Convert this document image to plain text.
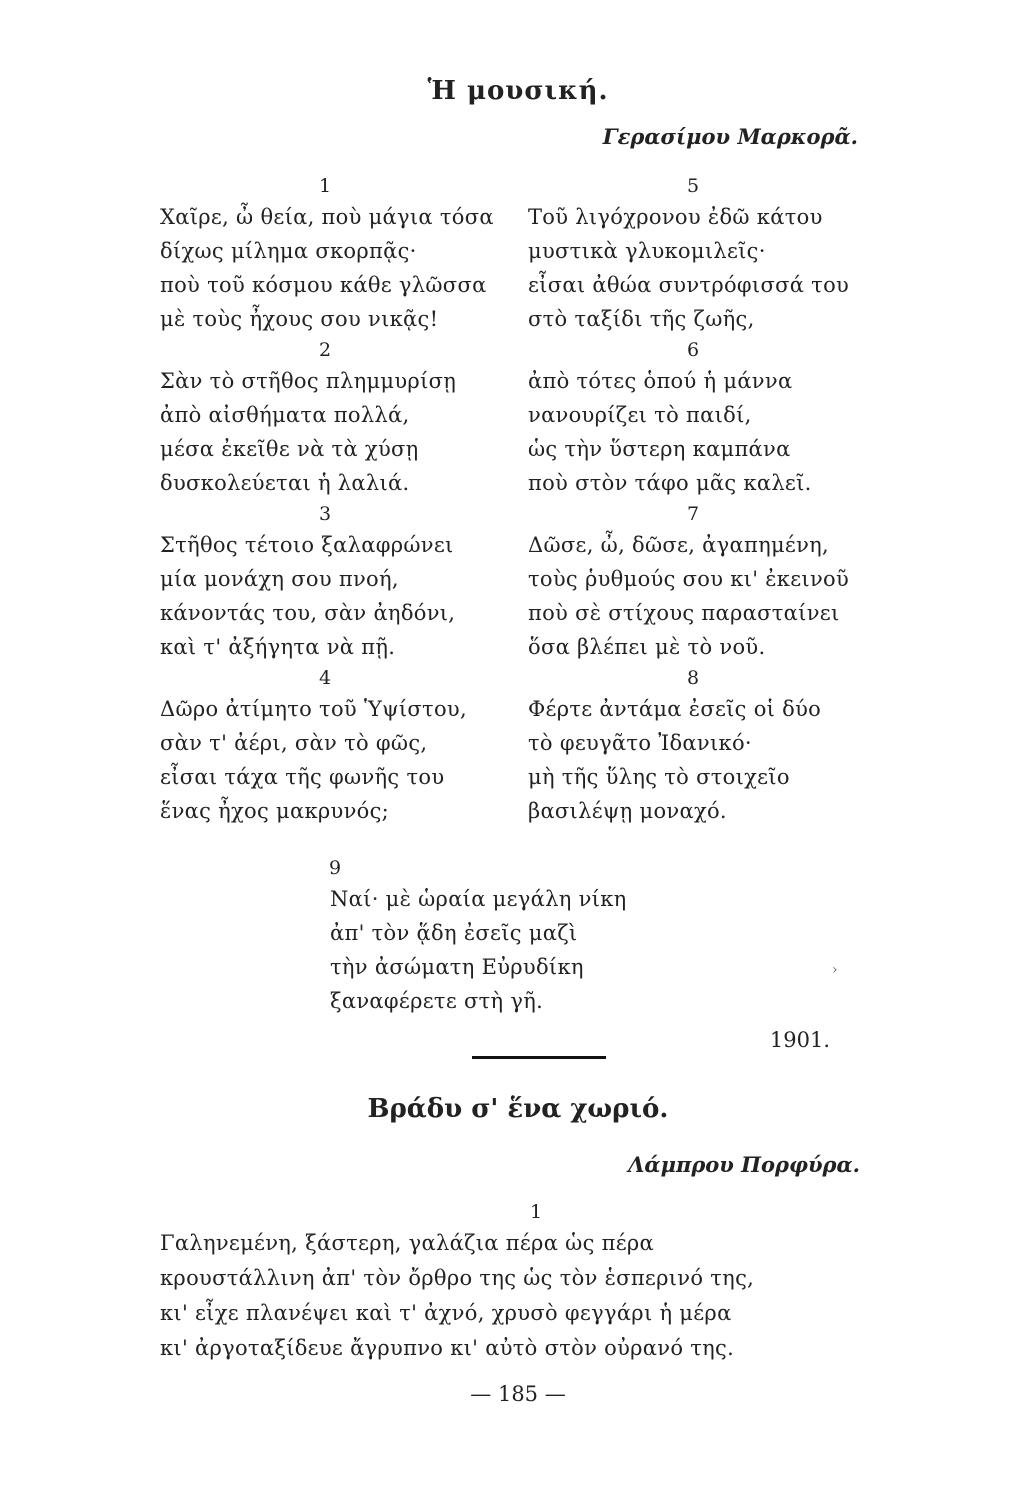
Ἡ μουσική.
Γερασίμου Μαρκορᾶ.
1
Χαῖρε, ὦ θεία, ποὺ μάγια τόσα
δίχως μίλημα σκορπᾷς·
ποὺ τοῦ κόσμου κάθε γλῶσσα
μὲ τοὺς ἦχους σου νικᾷς!
2
Σὰν τὸ στῆθος πλημμυρίσῃ
ἀπὸ αἰσθήματα πολλά,
μέσα ἐκεῖθε νὰ τὰ χύσῃ
δυσκολεύεται ἡ λαλιά.
3
Στῆθος τέτοιο ξαλαφρώνει
μία μονάχη σου πνοή,
κάνοντάς του, σὰν ἀηδόνι,
καὶ τ' ἀξήγητα νὰ πῇ.
4
Δῶρο ἀτίμητο τοῦ Ὑψίστου,
σὰν τ' ἀέρι, σὰν τὸ φῶς,
εἶσαι τάχα τῆς φωνῆς του
ἕνας ἦχος μακρυνός;
5
Τοῦ λιγόχρονου ἐδῶ κάτου
μυστικὰ γλυκομιλεῖς·
εἶσαι ἀθώα συντρόφισσά του
στὸ ταξίδι τῆς ζωῆς,
6
ἀπὸ τότες ὁπού ἡ μάννα
νανουρίζει τὸ παιδί,
ὡς τὴν ὕστερη καμπάνα
ποὺ στὸν τάφο μᾶς καλεῖ.
7
Δῶσε, ὦ, δῶσε, ἀγαπημένη,
τοὺς ῥυθμούς σου κι' ἐκεινοῦ
ποὺ σὲ στίχους παρασταίνει
ὅσα βλέπει μὲ τὸ νοῦ.
8
Φέρτε ἀντάμα ἐσεῖς οἱ δύο
τὸ φευγᾶτο Ἰδανικό·
μὴ τῆς ὕλης τὸ στοιχεῖο
βασιλέψῃ μοναχό.
9
Ναί· μὲ ὡραία μεγάλη νίκη
ἀπ' τὸν ᾅδη ἐσεῖς μαζὶ
τὴν ἀσώματη Εὐρυδίκη
ξαναφέρετε στὴ γῆ.
›
1901.
Βράδυ σ' ἕνα χωριό.
Λάμπρου Πορφύρα.
1
Γαληνεμένη, ξάστερη, γαλάζια πέρα ὡς πέρα
κρουστάλλινη ἀπ' τὸν ὄρθρο της ὡς τὸν ἑσπερινό της,
κι' εἶχε πλανέψει καὶ τ' ἀχνό, χρυσὸ φεγγάρι ἡ μέρα
κι' ἀργοταξίδευε ἄγρυπνο κι' αὐτὸ στὸν οὐρανό της.
— 185 —
